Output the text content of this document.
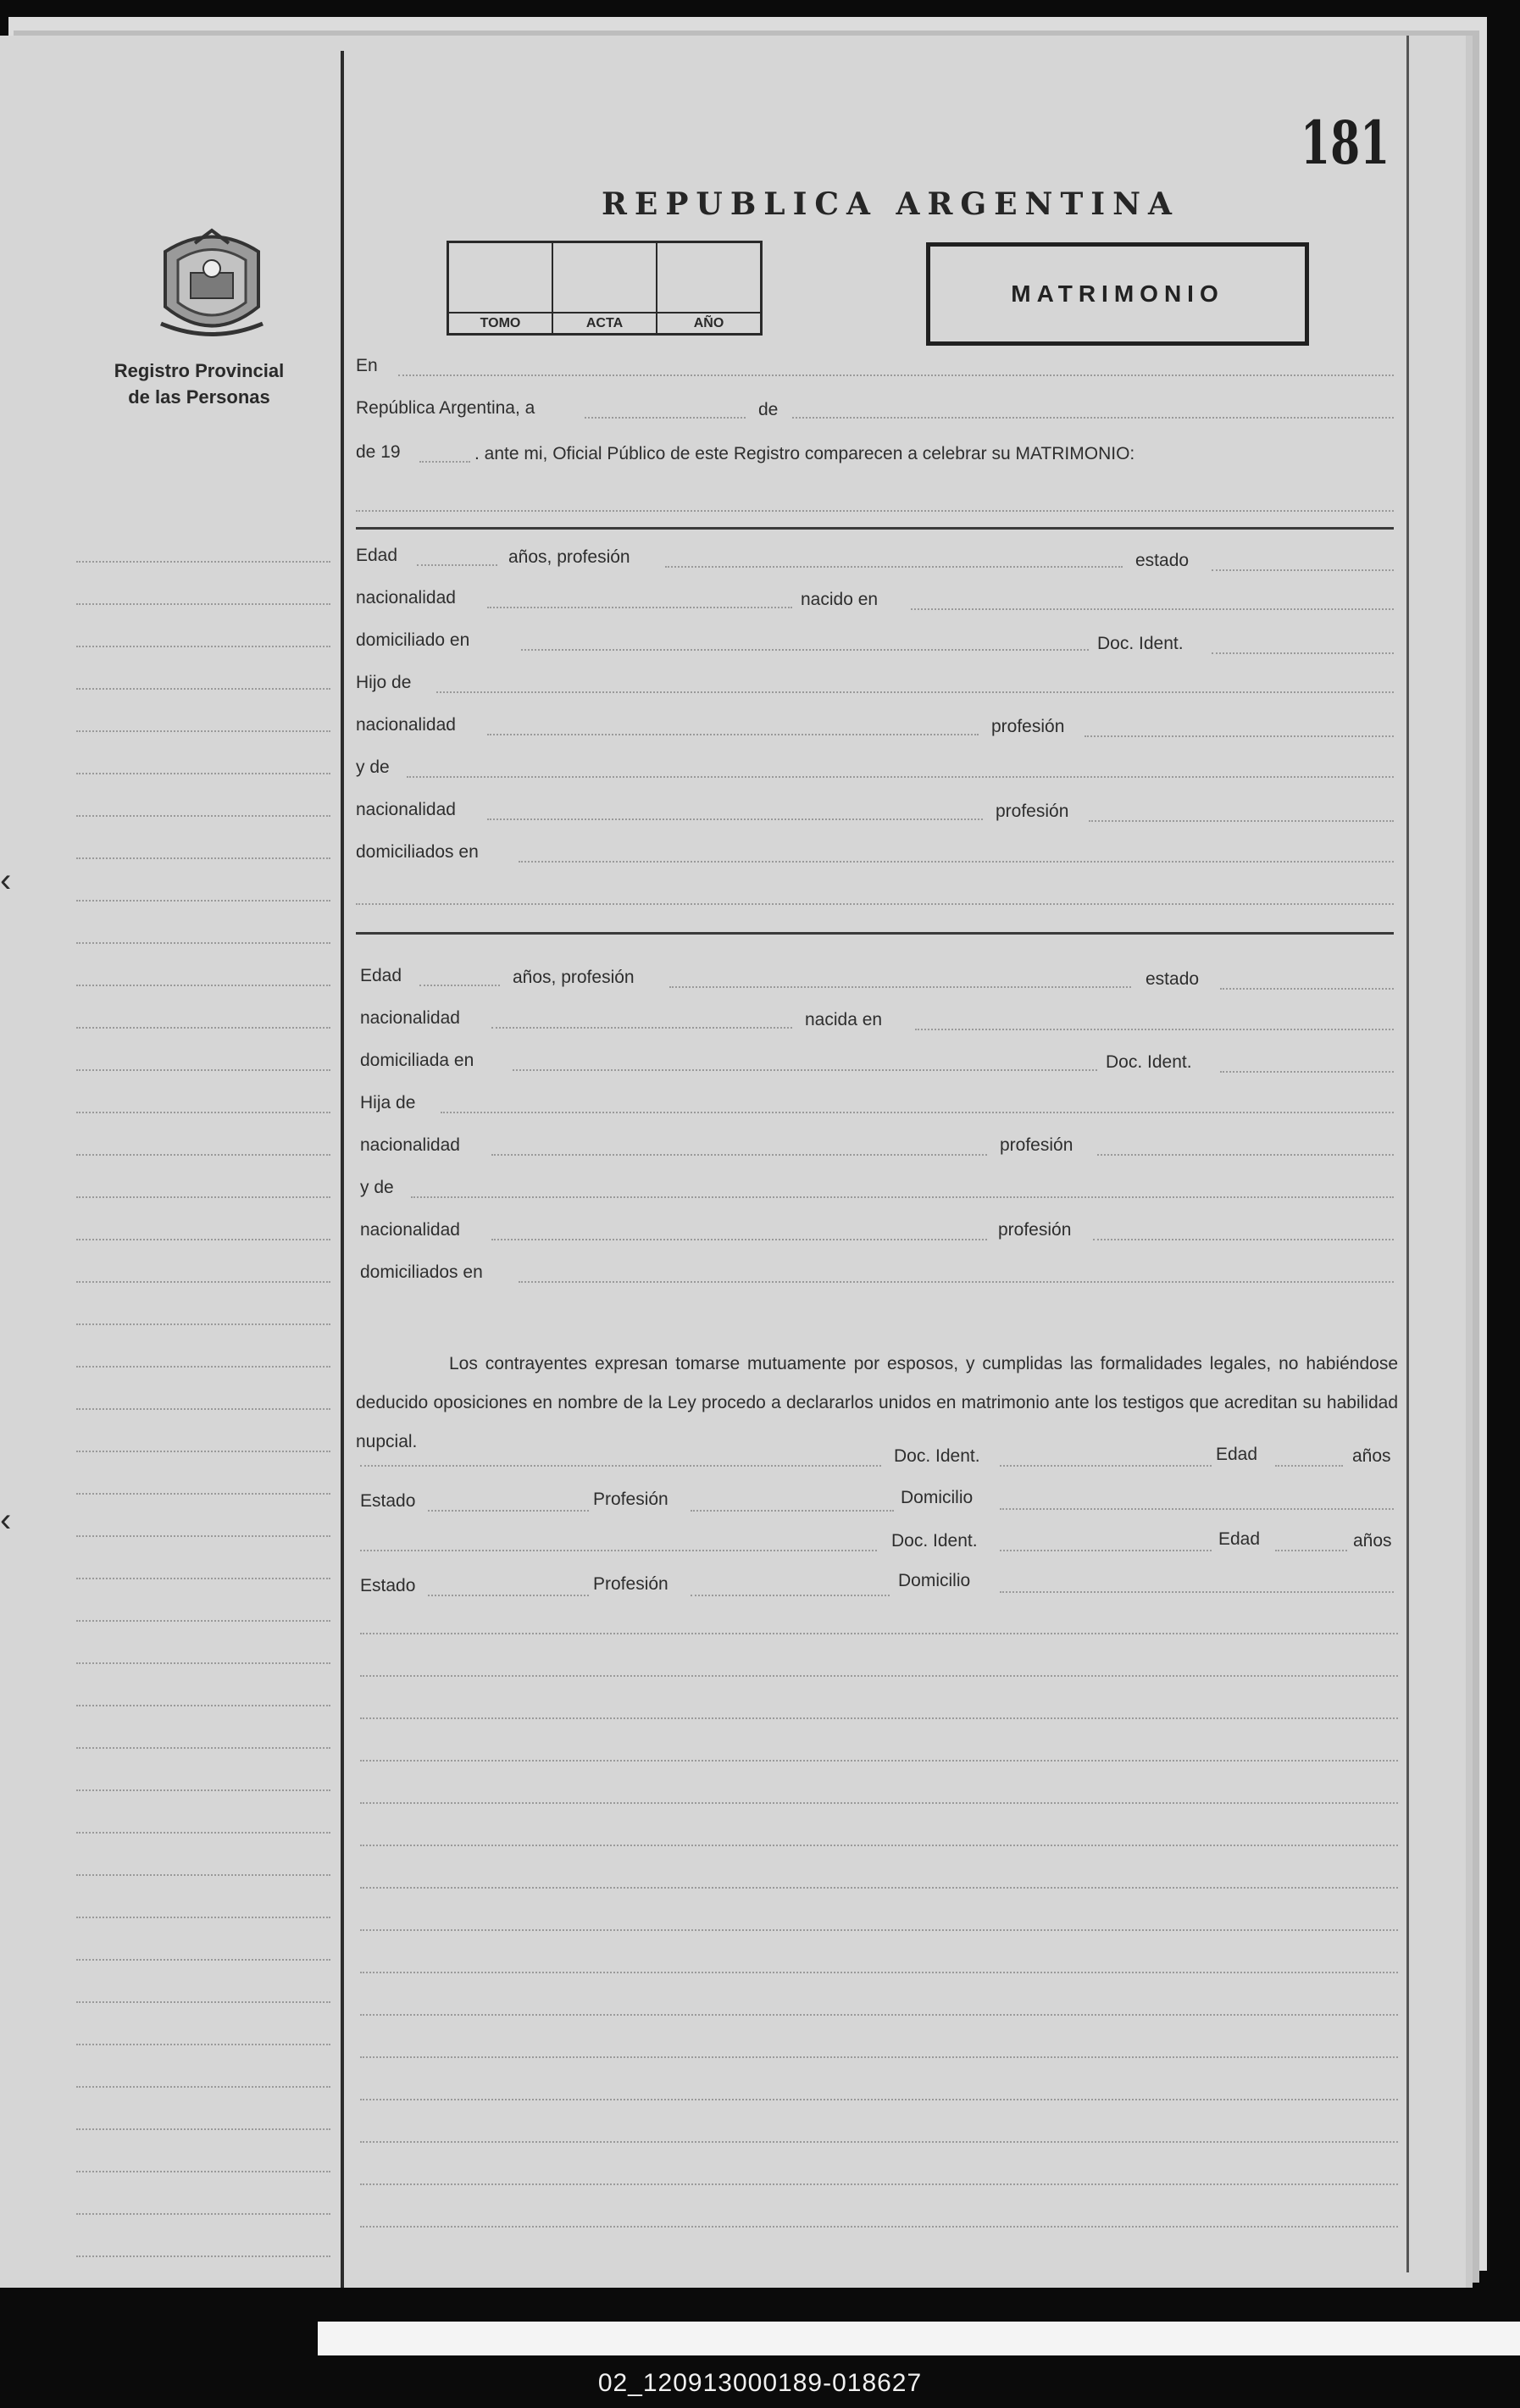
181
REPUBLICA ARGENTINA
TOMO	ACTA	AÑO
MATRIMONIO
Registro Provincial
de las Personas
En
República Argentina, a	de
de 19	. ante mi, Oficial Público de este Registro comparecen a celebrar su MATRIMONIO:
Edad	años, profesión	estado
nacionalidad	nacido en
domiciliado en	Doc. Ident.
Hijo de
nacionalidad	profesión
y de
nacionalidad	profesión
domiciliados en
Edad	años, profesión	estado
nacionalidad	nacida en
domiciliada en	Doc. Ident.
Hija de
nacionalidad	profesión
y de
nacionalidad	profesión
domiciliados en
Los contrayentes expresan tomarse mutuamente por esposos, y cumplidas las formalidades legales, no habiéndose deducido oposiciones en nombre de la Ley procedo a declararlos unidos en matrimonio ante los testigos que acreditan su habilidad nupcial.
Doc. Ident.	Edad	años
Estado	Profesión	Domicilio
Doc. Ident.	Edad	años
Estado	Profesión	Domicilio
‹
‹
02_120913000189-018627
